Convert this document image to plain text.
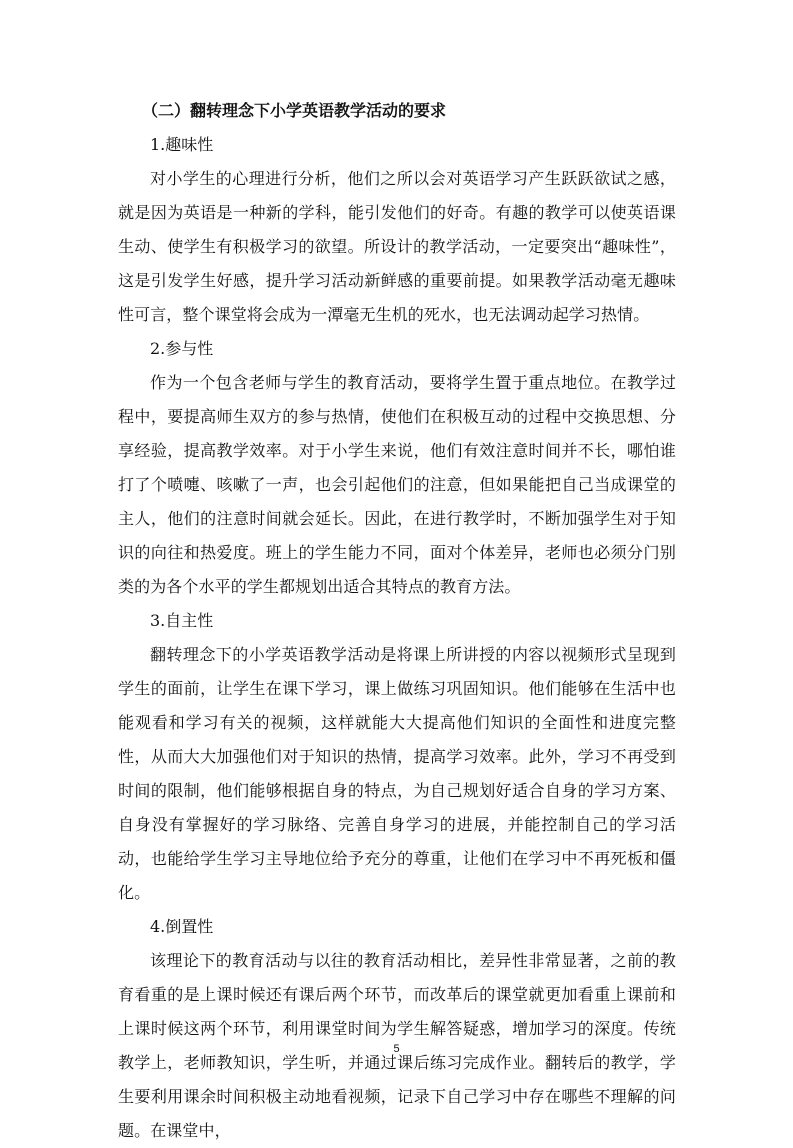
（二）翻转理念下小学英语教学活动的要求
1.趣味性

对小学生的心理进行分析，他们之所以会对英语学习产生跃跃欲试之感，就是因为英语是一种新的学科，能引发他们的好奇。有趣的教学可以使英语课生动、使学生有积极学习的欲望。所设计的教学活动，一定要突出“趣味性”，这是引发学生好感，提升学习活动新鲜感的重要前提。如果教学活动毫无趣味性可言，整个课堂将会成为一潭毫无生机的死水，也无法调动起学习热情。

2.参与性

作为一个包含老师与学生的教育活动，要将学生置于重点地位。在教学过程中，要提高师生双方的参与热情，使他们在积极互动的过程中交换思想、分享经验，提高教学效率。对于小学生来说，他们有效注意时间并不长，哪怕谁打了个喷嚏、咳嗽了一声，也会引起他们的注意，但如果能把自己当成课堂的主人，他们的注意时间就会延长。因此，在进行教学时，不断加强学生对于知识的向往和热爱度。班上的学生能力不同，面对个体差异，老师也必须分门别类的为各个水平的学生都规划出适合其特点的教育方法。

3.自主性

翻转理念下的小学英语教学活动是将课上所讲授的内容以视频形式呈现到学生的面前，让学生在课下学习，课上做练习巩固知识。他们能够在生活中也能观看和学习有关的视频，这样就能大大提高他们知识的全面性和进度完整性，从而大大加强他们对于知识的热情，提高学习效率。此外，学习不再受到时间的限制，他们能够根据自身的特点，为自己规划好适合自身的学习方案、自身没有掌握好的学习脉络、完善自身学习的进展，并能控制自己的学习活动，也能给学生学习主导地位给予充分的尊重，让他们在学习中不再死板和僵化。

4.倒置性

该理论下的教育活动与以往的教育活动相比，差异性非常显著，之前的教育看重的是上课时候还有课后两个环节，而改革后的课堂就更加看重上课前和上课时候这两个环节，利用课堂时间为学生解答疑惑，增加学习的深度。传统教学上，老师教知识，学生听，并通过课后练习完成作业。翻转后的教学，学生要利用课余时间积极主动地看视频，记录下自己学习中存在哪些不理解的问题。在课堂中，

5
